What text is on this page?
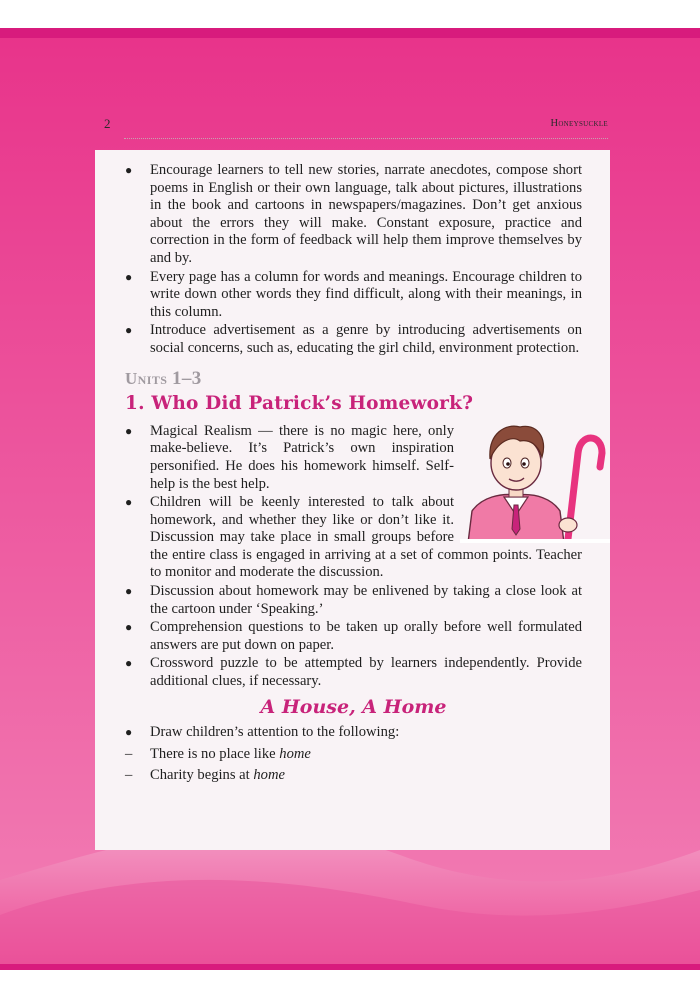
2	Honeysuckle
● Encourage learners to tell new stories, narrate anecdotes, compose short poems in English or their own language, talk about pictures, illustrations in the book and cartoons in newspapers/magazines. Don’t get anxious about the errors they will make. Constant exposure, practice and correction in the form of feedback will help them improve themselves by and by.
● Every page has a column for words and meanings. Encourage children to write down other words they find difficult, along with their meanings, in this column.
● Introduce advertisement as a genre by introducing advertisements on social concerns, such as, educating the girl child, environment protection.
Units 1–3
1. Who Did Patrick’s Homework?
● Magical Realism — there is no magic here, only make-believe. It’s Patrick’s own inspiration personified. He does his homework himself. Self-help is the best help.
● Children will be keenly interested to talk about homework, and whether they like or don’t like it. Discussion may take place in small groups before the entire class is engaged in arriving at a set of common points. Teacher to monitor and moderate the discussion.
● Discussion about homework may be enlivened by taking a close look at the cartoon under ‘Speaking.’
● Comprehension questions to be taken up orally before well formulated answers are put down on paper.
● Crossword puzzle to be attempted by learners independently. Provide additional clues, if necessary.
A House, A Home
● Draw children’s attention to the following:
– There is no place like home
– Charity begins at home
